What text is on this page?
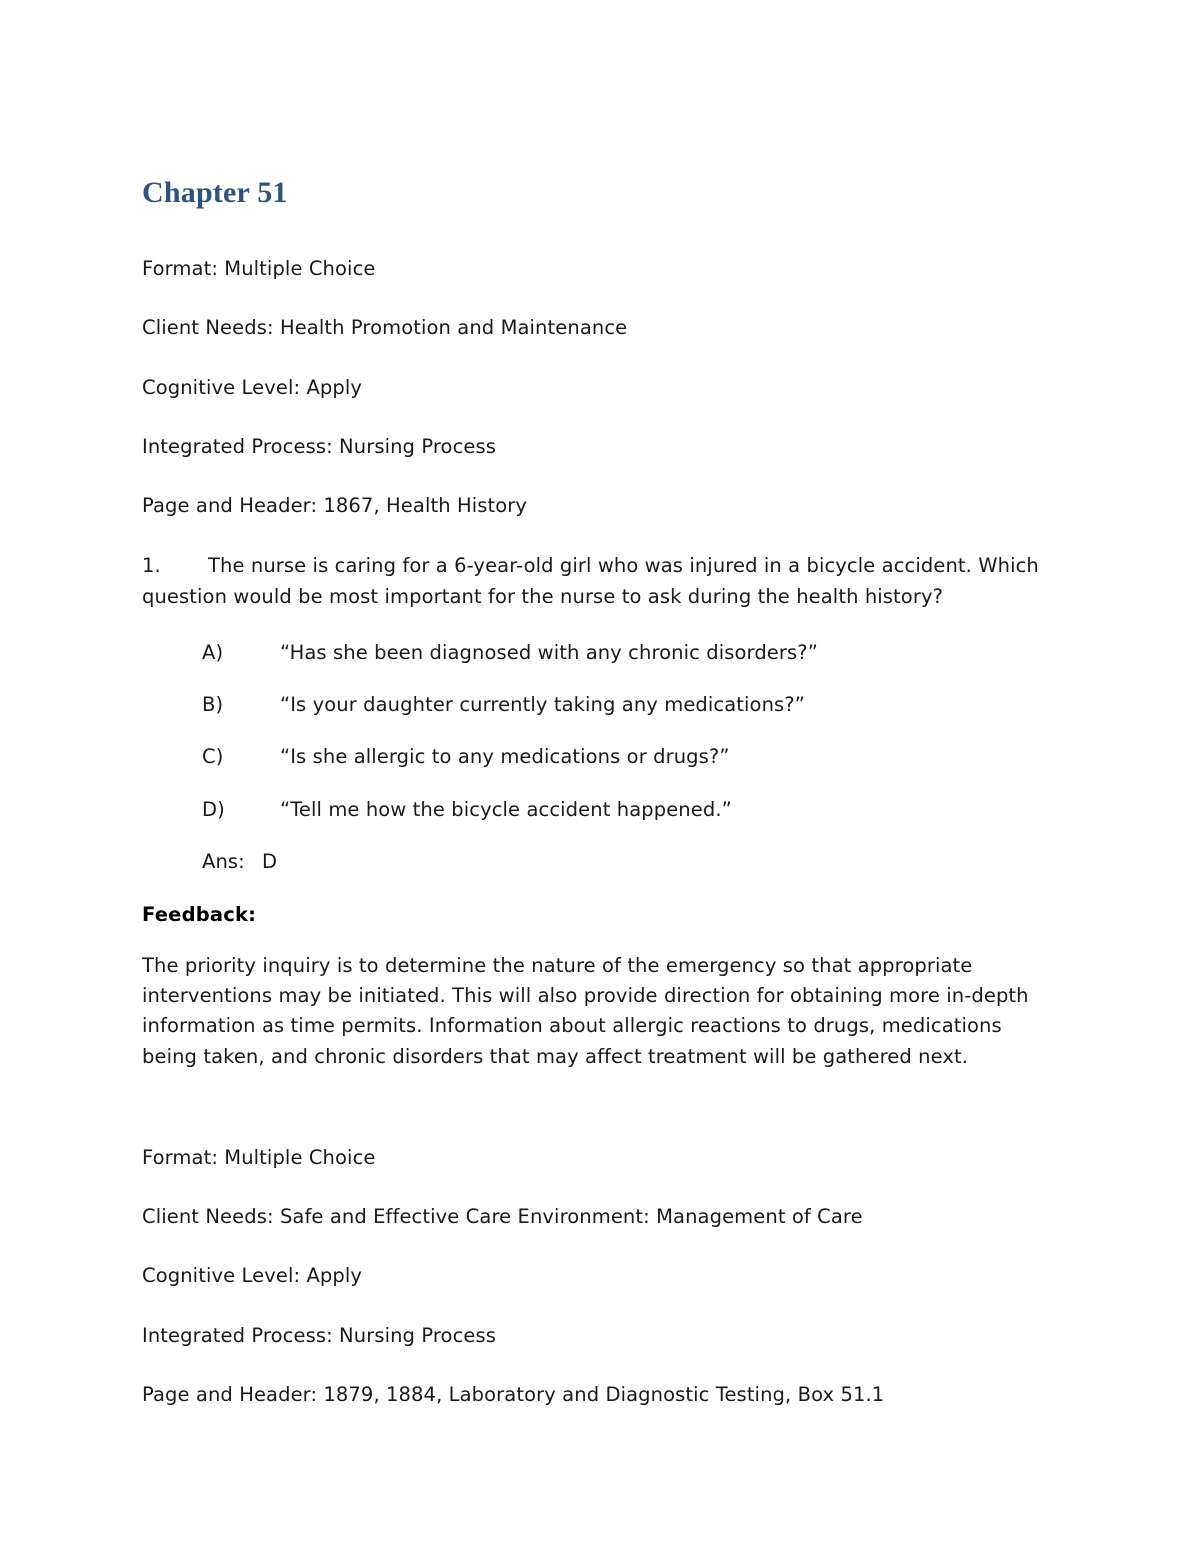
Chapter 51

Format: Multiple Choice

Client Needs: Health Promotion and Maintenance

Cognitive Level: Apply

Integrated Process: Nursing Process

Page and Header: 1867, Health History

1. The nurse is caring for a 6-year-old girl who was injured in a bicycle accident. Which question would be most important for the nurse to ask during the health history?

A)	“Has she been diagnosed with any chronic disorders?”
B)	“Is your daughter currently taking any medications?”
C)	“Is she allergic to any medications or drugs?”
D)	“Tell me how the bicycle accident happened.”

Ans: D

Feedback:

The priority inquiry is to determine the nature of the emergency so that appropriate interventions may be initiated. This will also provide direction for obtaining more in-depth information as time permits. Information about allergic reactions to drugs, medications being taken, and chronic disorders that may affect treatment will be gathered next.

Format: Multiple Choice

Client Needs: Safe and Effective Care Environment: Management of Care

Cognitive Level: Apply

Integrated Process: Nursing Process

Page and Header: 1879, 1884, Laboratory and Diagnostic Testing, Box 51.1
